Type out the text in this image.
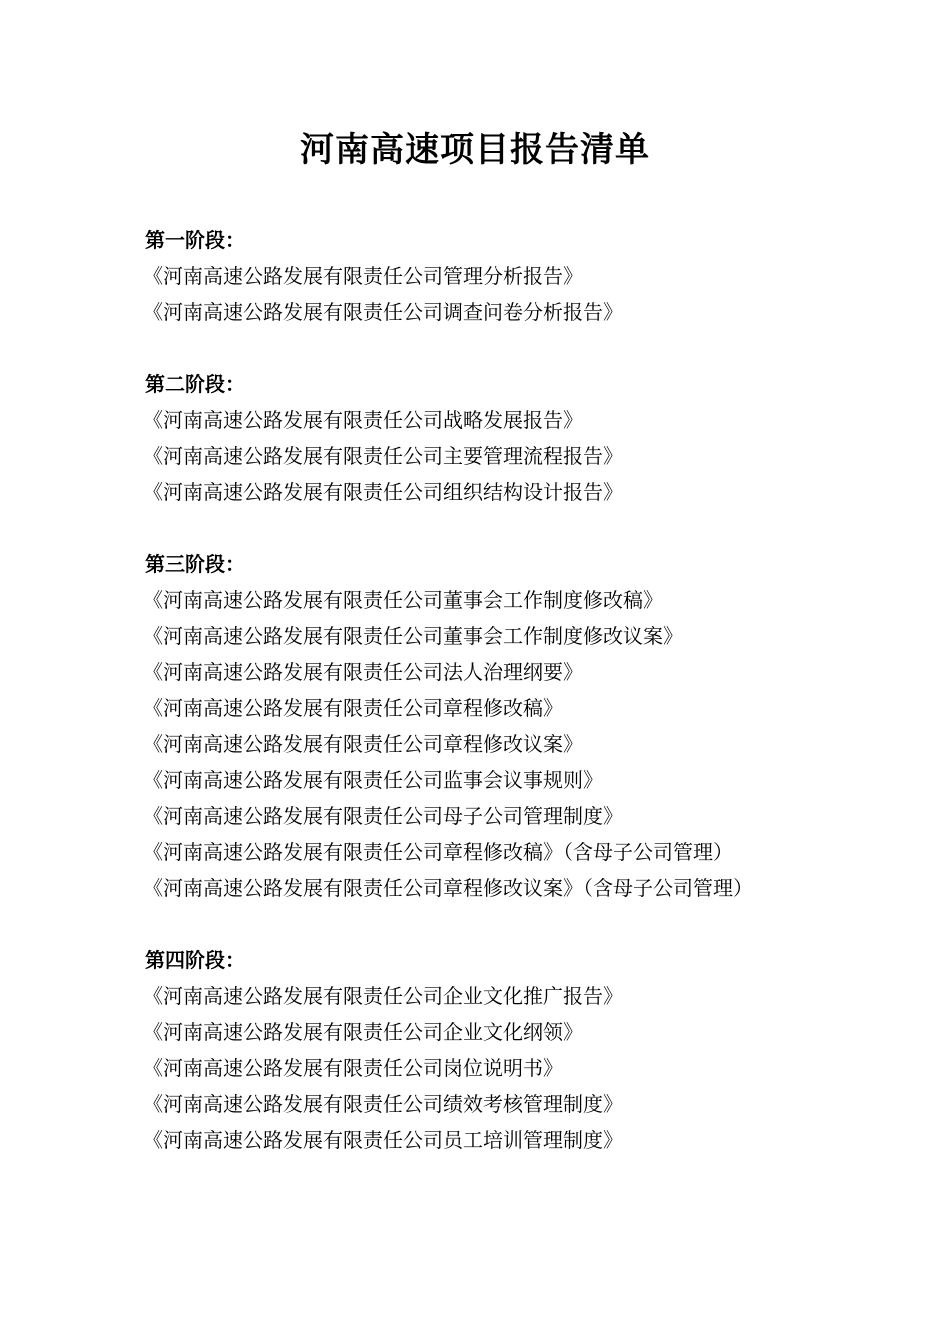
河南高速项目报告清单
第一阶段：
《河南高速公路发展有限责任公司管理分析报告》
《河南高速公路发展有限责任公司调查问卷分析报告》
第二阶段：
《河南高速公路发展有限责任公司战略发展报告》
《河南高速公路发展有限责任公司主要管理流程报告》
《河南高速公路发展有限责任公司组织结构设计报告》
第三阶段：
《河南高速公路发展有限责任公司董事会工作制度修改稿》
《河南高速公路发展有限责任公司董事会工作制度修改议案》
《河南高速公路发展有限责任公司法人治理纲要》
《河南高速公路发展有限责任公司章程修改稿》
《河南高速公路发展有限责任公司章程修改议案》
《河南高速公路发展有限责任公司监事会议事规则》
《河南高速公路发展有限责任公司母子公司管理制度》
《河南高速公路发展有限责任公司章程修改稿》（含母子公司管理）
《河南高速公路发展有限责任公司章程修改议案》（含母子公司管理）
第四阶段：
《河南高速公路发展有限责任公司企业文化推广报告》
《河南高速公路发展有限责任公司企业文化纲领》
《河南高速公路发展有限责任公司岗位说明书》
《河南高速公路发展有限责任公司绩效考核管理制度》
《河南高速公路发展有限责任公司员工培训管理制度》
